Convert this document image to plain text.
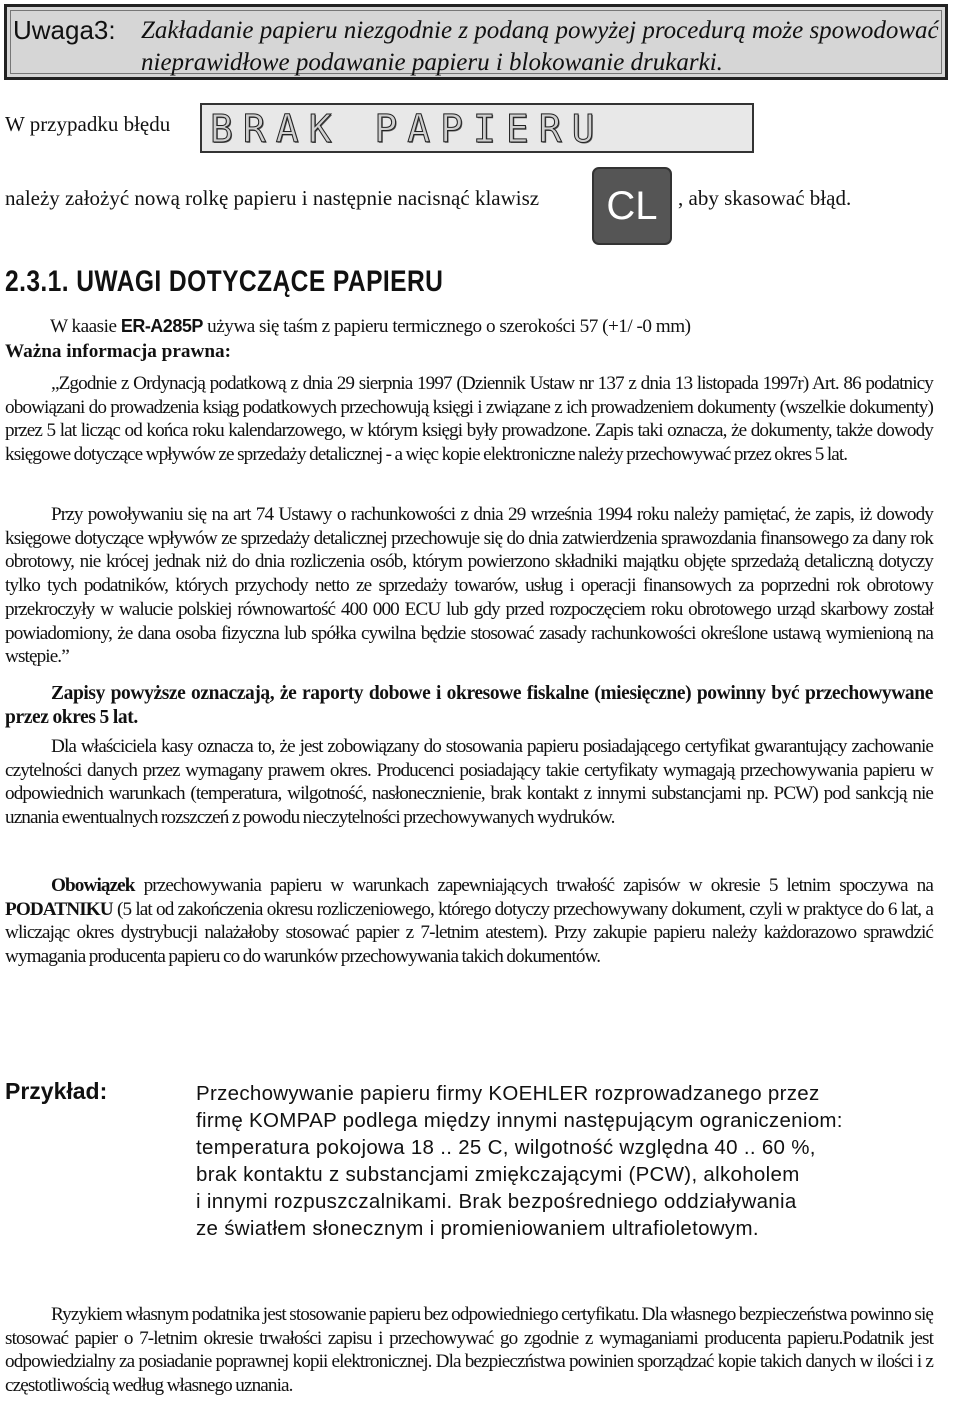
Uwaga3: Zakładanie papieru niezgodnie z podaną powyżej procedurą może spowodować nieprawidłowe podawanie papieru i blokowanie drukarki.
W przypadku błędu BRAK PAPIERU
należy założyć nową rolkę papieru i następnie nacisnąć klawisz	CL , aby skasować błąd.
2.3.1. UWAGI DOTYCZĄCE PAPIERU
W kaasie ER-A285P używa się taśm z papieru termicznego o szerokości 57 (+1/ -0 mm)
Ważna informacja prawna:
„Zgodnie z Ordynacją podatkową z dnia 29 sierpnia 1997 (Dziennik Ustaw nr 137 z dnia 13 listopada 1997r) Art. 86 podatnicy obowiązani do prowadzenia ksiąg podatkowych przechowują księgi i związane z ich prowadzeniem dokumenty (wszelkie dokumenty) przez 5 lat licząc od końca roku kalendarzowego, w którym księgi były prowadzone. Zapis taki oznacza, że dokumenty, także dowody księgowe dotyczące wpływów ze sprzedaży detalicznej - a więc kopie elektroniczne należy przechowywać przez okres 5 lat.
Przy powoływaniu się na art 74 Ustawy o rachunkowości z dnia 29 września 1994 roku należy pamiętać, że zapis, iż dowody księgowe dotyczące wpływów ze sprzedaży detalicznej przechowuje się do dnia zatwierdzenia sprawozdania finansowego za dany rok obrotowy, nie krócej jednak niż do dnia rozliczenia osób, którym powierzono składniki majątku objęte sprzedażą detaliczną dotyczy tylko tych podatników, których przychody netto ze sprzedaży towarów, usług i operacji finansowych za poprzedni rok obrotowy przekroczyły w walucie polskiej równowartość 400 000 ECU lub gdy przed rozpoczęciem roku obrotowego urząd skarbowy został powiadomiony, że dana osoba fizyczna lub spółka cywilna będzie stosować zasady rachunkowości określone ustawą wymienioną na wstępie.”
Zapisy powyższe oznaczają, że raporty dobowe i okresowe fiskalne (miesięczne) powinny być przechowywane przez okres 5 lat.
Dla właściciela kasy oznacza to, że jest zobowiązany do stosowania papieru posiadającego certyfikat gwarantujący zachowanie czytelności danych przez wymagany prawem okres. Producenci posiadający takie certyfikaty wymagają przechowywania papieru w odpowiednich warunkach (temperatura, wilgotność, nasłonecznienie, brak kontakt z innymi substancjami np. PCW) pod sankcją nie uznania ewentualnych rozszczeń z powodu nieczytelności przechowywanych wydruków.
Obowiązek przechowywania papieru w warunkach zapewniających trwałość zapisów w okresie 5 letnim spoczywa na PODATNIKU (5 lat od zakończenia okresu rozliczeniowego, którego dotyczy przechowywany dokument, czyli w praktyce do 6 lat, a wliczając okres dystrybucji nalażałoby stosować papier z 7-letnim atestem). Przy zakupie papieru należy każdorazowo sprawdzić wymagania producenta papieru co do warunków przechowywania takich dokumentów.
Przykład:	Przechowywanie papieru firmy KOEHLER rozprowadzanego przez
firmę KOMPAP podlega między innymi następującym ograniczeniom:
temperatura pokojowa 18 .. 25 C, wilgotność względna 40 .. 60 %,
brak kontaktu z substancjami zmiękczającymi (PCW), alkoholem
i innymi rozpuszczalnikami. Brak bezpośredniego oddziaływania
ze światłem słonecznym i promieniowaniem ultrafioletowym.
Ryzykiem własnym podatnika jest stosowanie papieru bez odpowiedniego certyfikatu. Dla własnego bezpieczeństwa powinno się stosować papier o 7-letnim okresie trwałości zapisu i przechowywać go zgodnie z wymaganiami producenta papieru.Podatnik jest odpowiedzialny za posiadanie poprawnej kopii elektronicznej. Dla bezpieczństwa powinien sporządzać kopie takich danych w ilości i z częstotliwością według własnego uznania.
